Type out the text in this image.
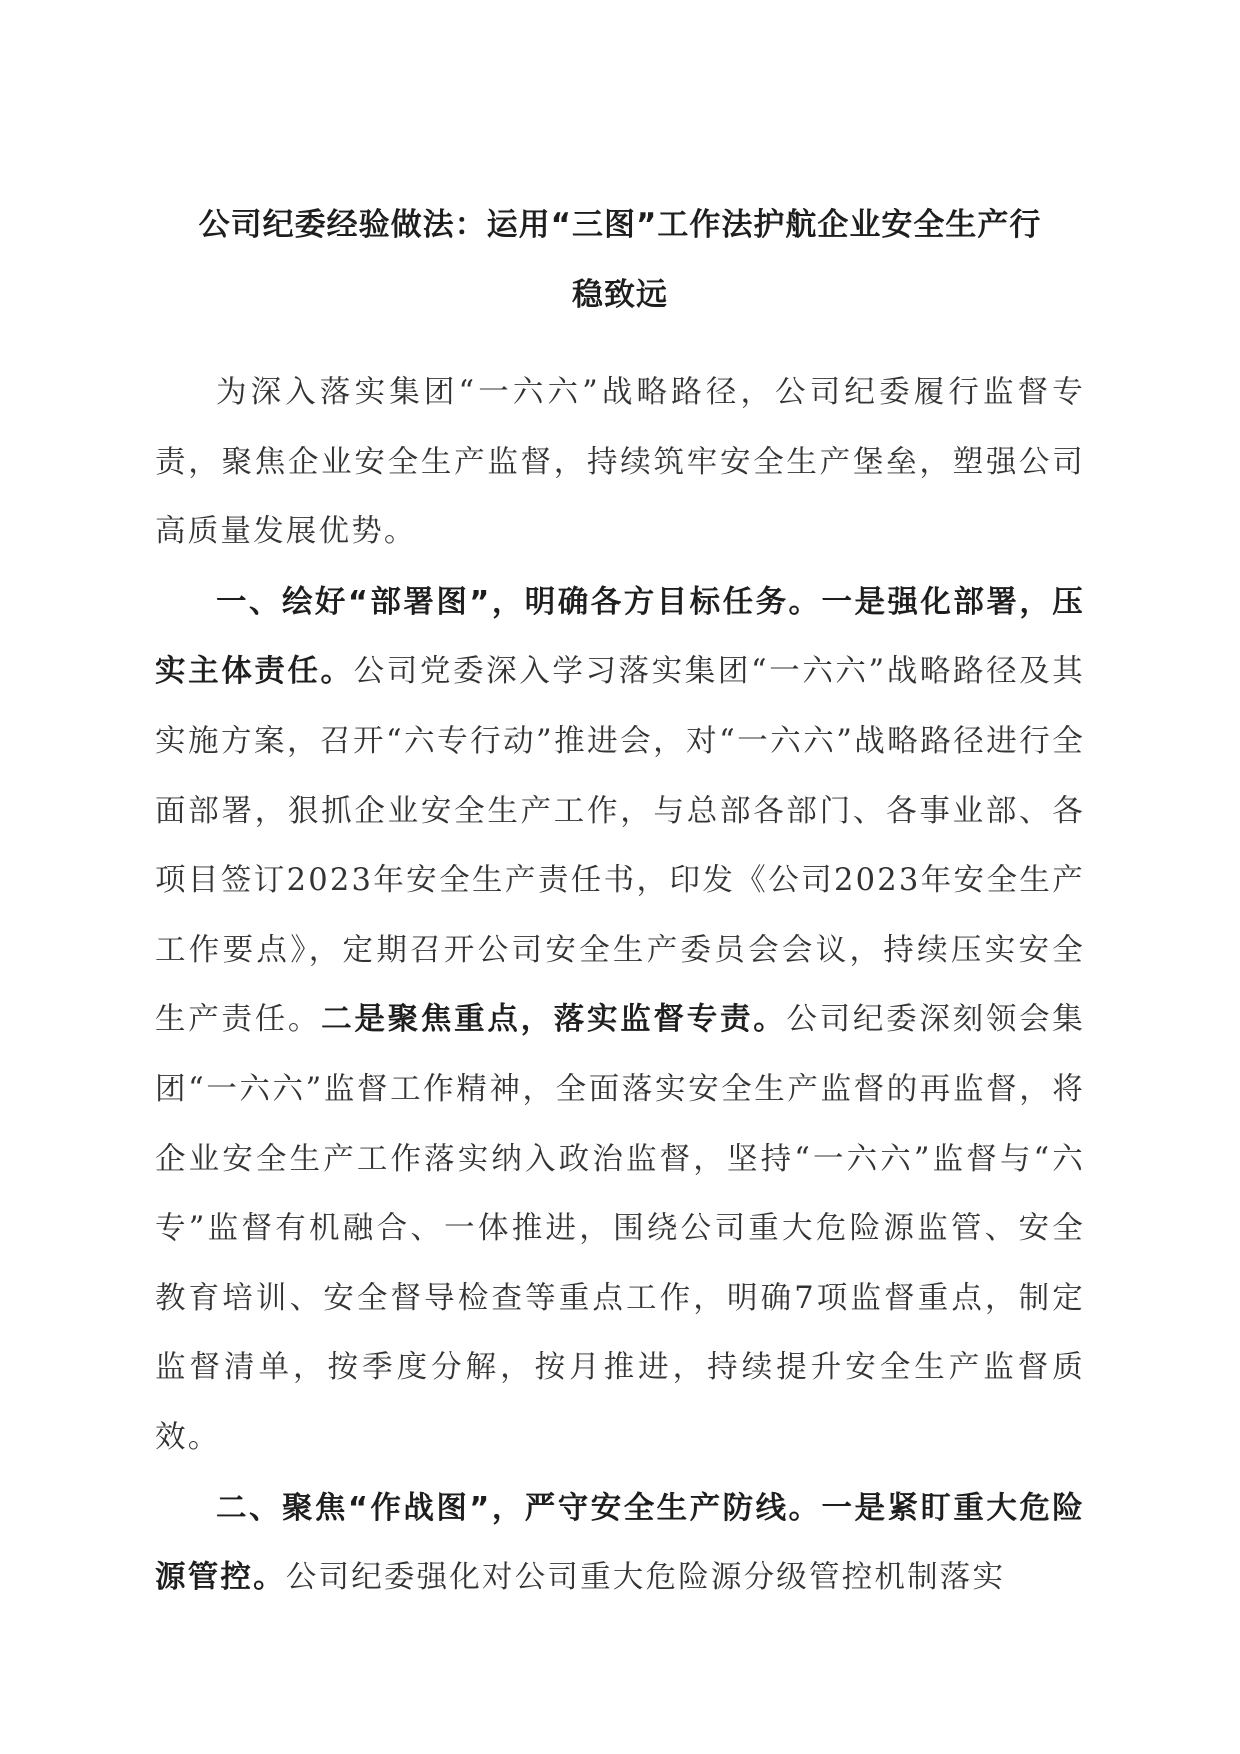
公司纪委经验做法：运用“三图”工作法护航企业安全生产行
稳致远

为深入落实集团“一六六”战略路径，公司纪委履行监督专责，聚焦企业安全生产监督，持续筑牢安全生产堡垒，塑强公司高质量发展优势。

一、绘好“部署图”，明确各方目标任务。一是强化部署，压实主体责任。公司党委深入学习落实集团“一六六”战略路径及其实施方案，召开“六专行动”推进会，对“一六六”战略路径进行全面部署，狠抓企业安全生产工作，与总部各部门、各事业部、各项目签订2023年安全生产责任书，印发《公司2023年安全生产工作要点》，定期召开公司安全生产委员会会议，持续压实安全生产责任。二是聚焦重点，落实监督专责。公司纪委深刻领会集团“一六六”监督工作精神，全面落实安全生产监督的再监督，将企业安全生产工作落实纳入政治监督，坚持“一六六”监督与“六专”监督有机融合、一体推进，围绕公司重大危险源监管、安全教育培训、安全督导检查等重点工作，明确7项监督重点，制定监督清单，按季度分解，按月推进，持续提升安全生产监督质效。

二、聚焦“作战图”，严守安全生产防线。一是紧盯重大危险源管控。公司纪委强化对公司重大危险源分级管控机制落实
